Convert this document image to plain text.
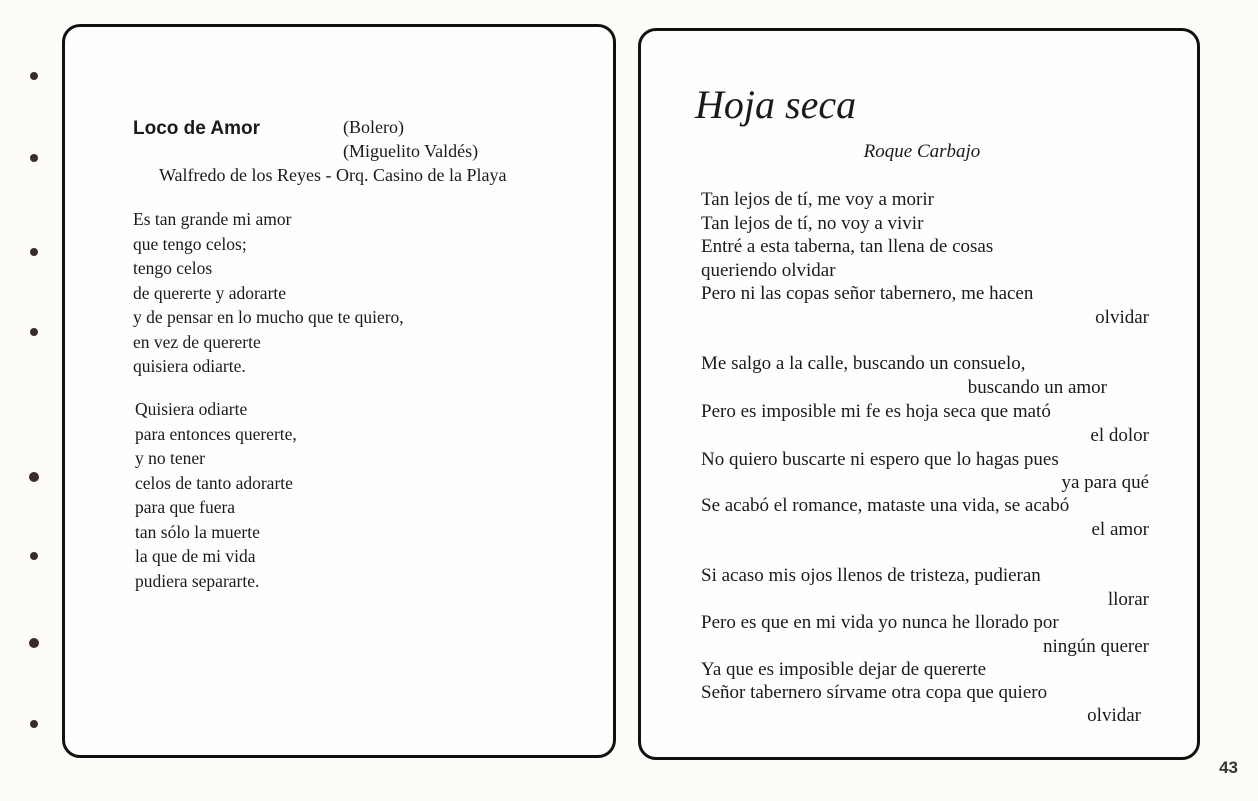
Loco de Amor	(Bolero)

(Miguelito Valdés)

Walfredo de los Reyes - Orq. Casino de la Playa

Es tan grande mi amor
que tengo celos;
tengo celos
de quererte y adorarte
y de pensar en lo mucho que te quiero,
en vez de quererte
quisiera odiarte.
Quisiera odiarte
para entonces quererte,
y no tener
celos de tanto adorarte
para que fuera
tan sólo la muerte
la que de mi vida
pudiera separarte.
Hoja seca

Roque Carbajo

Tan lejos de tí, me voy a morir

Tan lejos de tí, no voy a vivir

Entré a esta taberna, tan llena de cosas

queriendo olvidar

Pero ni las copas señor tabernero, me hacen

olvidar

Me salgo a la calle, buscando un consuelo,

buscando un amor

Pero es imposible mi fe es hoja seca que mató

el dolor

No quiero buscarte ni espero que lo hagas pues

ya para qué

Se acabó el romance, mataste una vida, se acabó

el amor

Si acaso mis ojos llenos de tristeza, pudieran

llorar

Pero es que en mi vida yo nunca he llorado por

ningún querer

Ya que es imposible dejar de quererte

Señor tabernero sírvame otra copa que quiero

olvidar

43
